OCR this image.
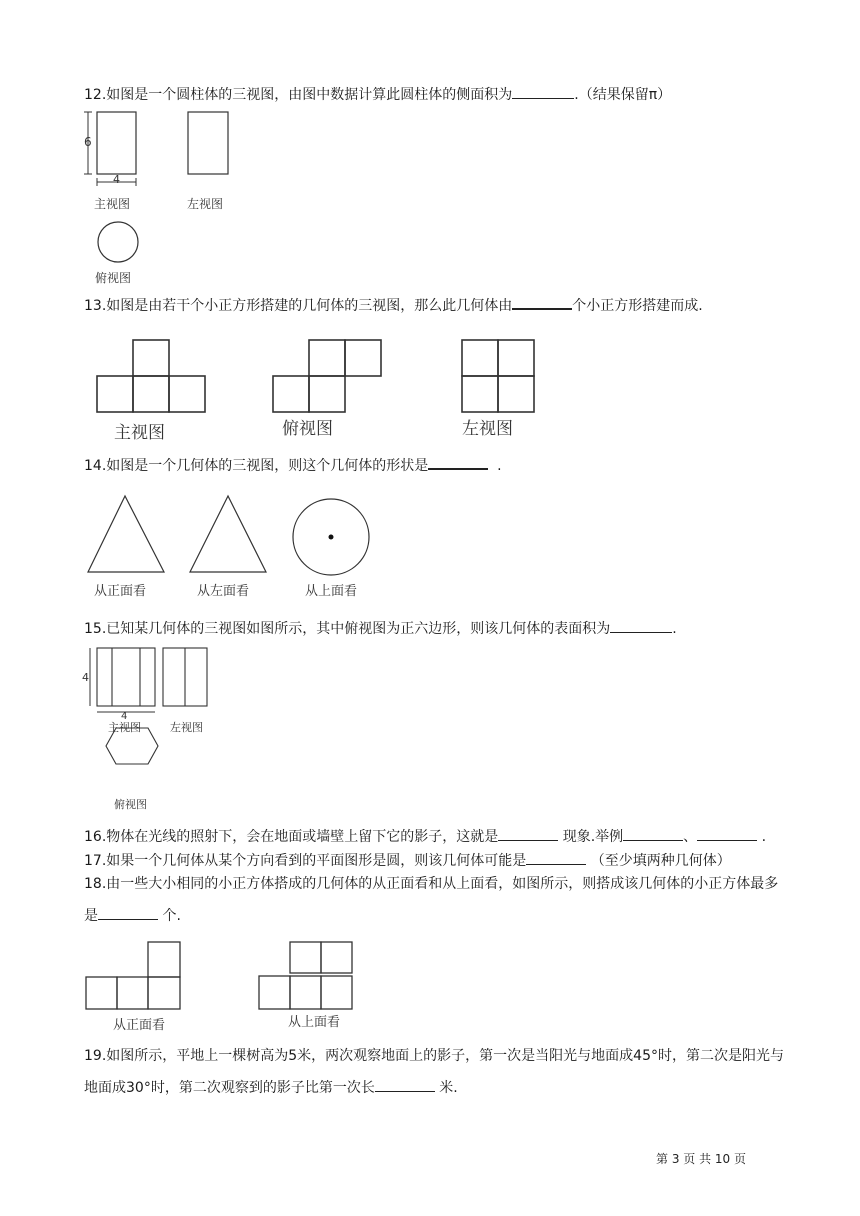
12.如图是一个圆柱体的三视图，由图中数据计算此圆柱体的侧面积为	.（结果保留π）
6
4
主视图	左视图
俯视图
13.如图是由若干个小正方形搭建的几何体的三视图，那么此几何体由	个小正方形搭建而成.
主视图	俯视图	左视图
14.如图是一个几何体的三视图，则这个几何体的形状是	.
从正面看	从左面看	从上面看
15.已知某几何体的三视图如图所示，其中俯视图为正六边形，则该几何体的表面积为	.
4
4
主视图	左视图
俯视图
16.物体在光线的照射下，会在地面或墙壁上留下它的影子，这就是	现象.举例	、	.
17.如果一个几何体从某个方向看到的平面图形是圆，则该几何体可能是	（至少填两种几何体）
18.由一些大小相同的小正方体搭成的几何体的从正面看和从上面看，如图所示，则搭成该几何体的小正方体最多是	个.
从正面看	从上面看
19.如图所示，平地上一棵树高为5米，两次观察地面上的影子，第一次是当阳光与地面成45°时，第二次是阳光与地面成30°时，第二次观察到的影子比第一次长	米.
第 3 页 共 10 页
